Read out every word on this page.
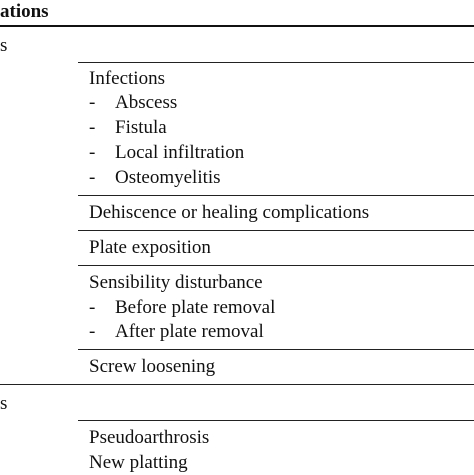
ations
s
Infections
- Abscess
- Fistula
- Local infiltration
- Osteomyelitis
Dehiscence or healing complications
Plate exposition
Sensibility disturbance
- Before plate removal
- After plate removal
Screw loosening
s
Pseudoarthrosis
New platting
